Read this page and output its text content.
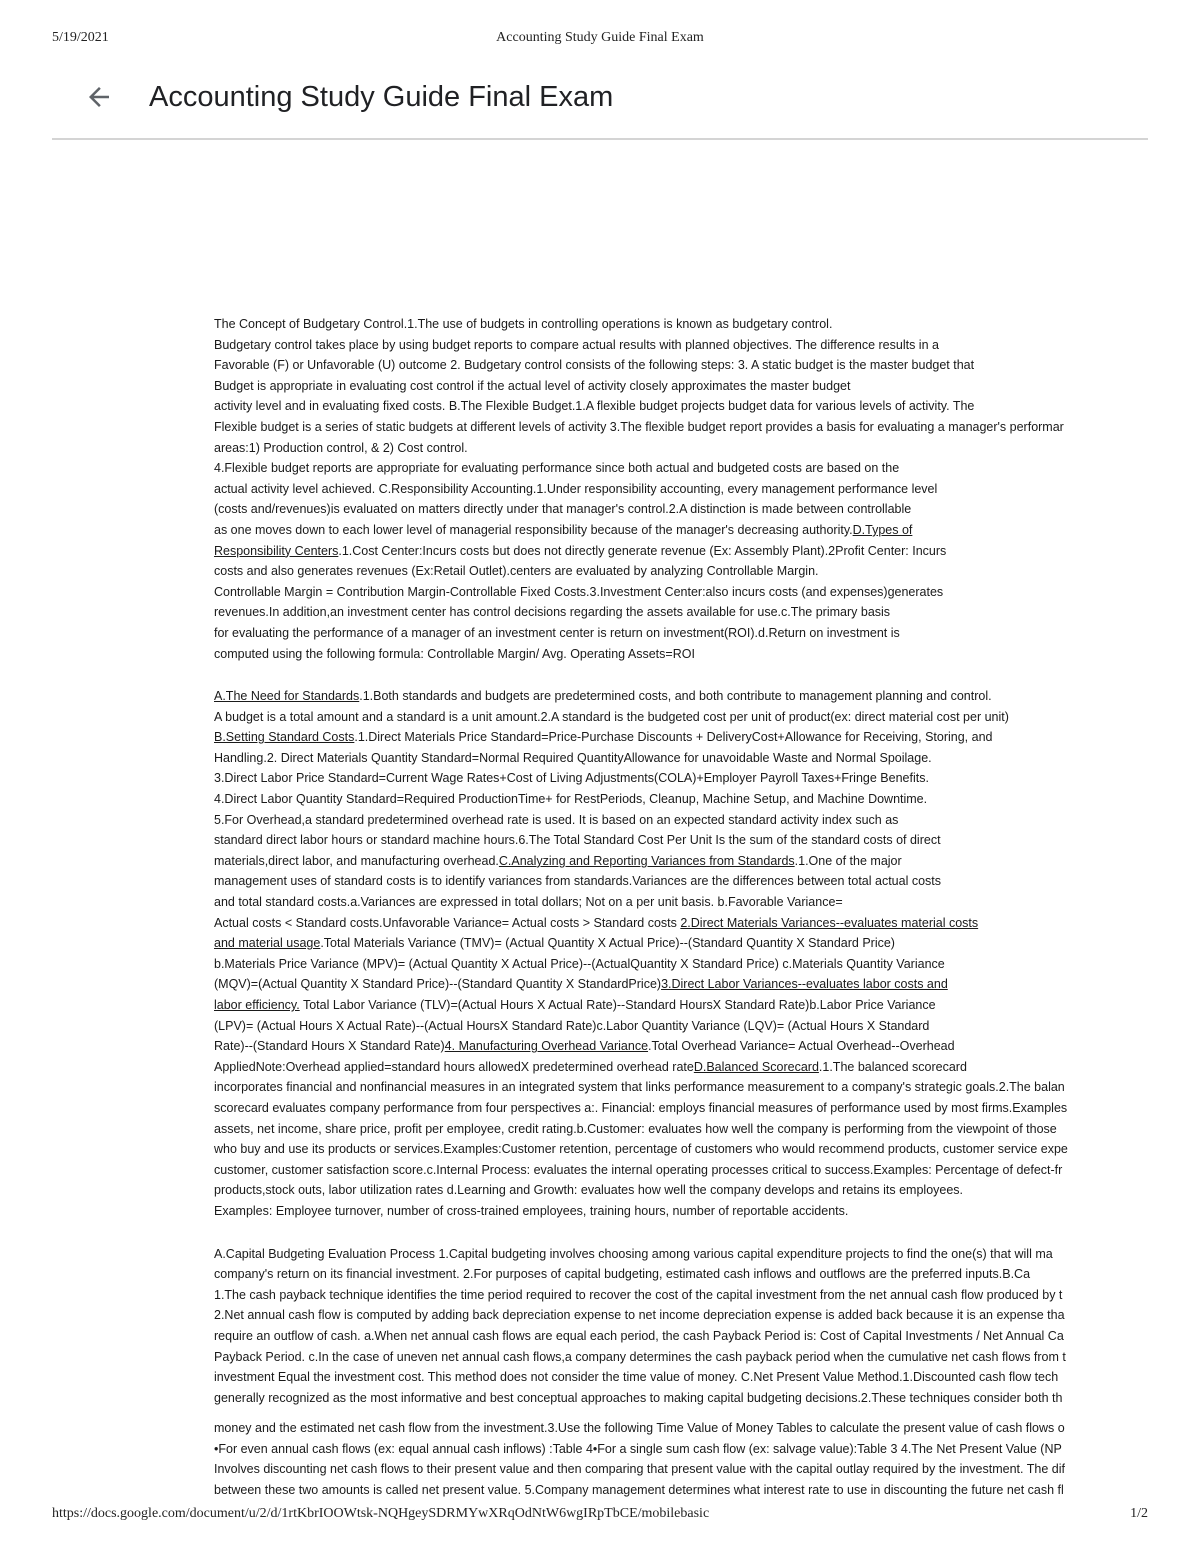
5/19/2021	Accounting Study Guide Final Exam
Accounting Study Guide Final Exam
The Concept of Budgetary Control.1.The use of budgets in controlling operations is known as budgetary control.
Budgetary control takes place by using budget reports to compare actual results with planned objectives. The difference results in a
Favorable (F) or Unfavorable (U) outcome 2. Budgetary control consists of the following steps: 3. A static budget is the master budget that
Budget is appropriate in evaluating cost control if the actual level of activity closely approximates the master budget
activity level and in evaluating fixed costs. B.The Flexible Budget.1.A flexible budget projects budget data for various levels of activity. The
Flexible budget is a series of static budgets at different levels of activity 3.The flexible budget report provides a basis for evaluating a manager's performar
areas:1) Production control, & 2) Cost control.
4.Flexible budget reports are appropriate for evaluating performance since both actual and budgeted costs are based on the
actual activity level achieved. C.Responsibility Accounting.1.Under responsibility accounting, every management performance level
(costs and/revenues)is evaluated on matters directly under that manager's control.2.A distinction is made between controllable
as one moves down to each lower level of managerial responsibility because of the manager's decreasing authority.D.Types of
Responsibility Centers.1.Cost Center:Incurs costs but does not directly generate revenue (Ex: Assembly Plant).2Profit Center: Incurs
costs and also generates revenues (Ex:Retail Outlet).centers are evaluated by analyzing Controllable Margin.
Controllable Margin = Contribution Margin-Controllable Fixed Costs.3.Investment Center:also incurs costs (and expenses)generates
revenues.In addition,an investment center has control decisions regarding the assets available for use.c.The primary basis
for evaluating the performance of a manager of an investment center is return on investment(ROI).d.Return on investment is
computed using the following formula: Controllable Margin/ Avg. Operating Assets=ROI
A.The Need for Standards.1.Both standards and budgets are predetermined costs, and both contribute to management planning and control.
A budget is a total amount and a standard is a unit amount.2.A standard is the budgeted cost per unit of product(ex: direct material cost per unit)
B.Setting Standard Costs.1.Direct Materials Price Standard=Price-Purchase Discounts + DeliveryCost+Allowance for Receiving, Storing, and
Handling.2. Direct Materials Quantity Standard=Normal Required QuantityAllowance for unavoidable Waste and Normal Spoilage.
3.Direct Labor Price Standard=Current Wage Rates+Cost of Living Adjustments(COLA)+Employer Payroll Taxes+Fringe Benefits.
4.Direct Labor Quantity Standard=Required ProductionTime+ for RestPeriods, Cleanup, Machine Setup, and Machine Downtime.
5.For Overhead,a standard predetermined overhead rate is used. It is based on an expected standard activity index such as
standard direct labor hours or standard machine hours.6.The Total Standard Cost Per Unit Is the sum of the standard costs of direct
materials,direct labor, and manufacturing overhead.C.Analyzing and Reporting Variances from Standards.1.One of the major
management uses of standard costs is to identify variances from standards.Variances are the differences between total actual costs
and total standard costs.a.Variances are expressed in total dollars; Not on a per unit basis. b.Favorable Variance=
Actual costs < Standard costs.Unfavorable Variance= Actual costs > Standard costs 2.Direct Materials Variances--evaluates material costs
and material usage.Total Materials Variance (TMV)= (Actual Quantity X Actual Price)--(Standard Quantity X Standard Price)
b.Materials Price Variance (MPV)= (Actual Quantity X Actual Price)--(ActualQuantity X Standard Price) c.Materials Quantity Variance
(MQV)=(Actual Quantity X Standard Price)--(Standard Quantity X StandardPrice)3.Direct Labor Variances--evaluates labor costs and
labor efficiency. Total Labor Variance (TLV)=(Actual Hours X Actual Rate)--Standard HoursX Standard Rate)b.Labor Price Variance
(LPV)= (Actual Hours X Actual Rate)--(Actual HoursX Standard Rate)c.Labor Quantity Variance (LQV)= (Actual Hours X Standard
Rate)--(Standard Hours X Standard Rate)4. Manufacturing Overhead Variance.Total Overhead Variance= Actual Overhead--Overhead
AppliedNote:Overhead applied=standard hours allowedX predetermined overhead rateD.Balanced Scorecard.1.The balanced scorecard
incorporates financial and nonfinancial measures in an integrated system that links performance measurement to a company's strategic goals.2.The balan
scorecard evaluates company performance from four perspectives a:. Financial: employs financial measures of performance used by most firms.Examples
assets, net income, share price, profit per employee, credit rating.b.Customer: evaluates how well the company is performing from the viewpoint of those
who buy and use its products or services.Examples:Customer retention, percentage of customers who would recommend products, customer service expe
customer, customer satisfaction score.c.Internal Process: evaluates the internal operating processes critical to success.Examples: Percentage of defect-fr
products,stock outs, labor utilization rates d.Learning and Growth: evaluates how well the company develops and retains its employees.
Examples: Employee turnover, number of cross-trained employees, training hours, number of reportable accidents.
A.Capital Budgeting Evaluation Process 1.Capital budgeting involves choosing among various capital expenditure projects to find the one(s) that will ma
company's return on its financial investment. 2.For purposes of capital budgeting, estimated cash inflows and outflows are the preferred inputs.B.Ca
1.The cash payback technique identifies the time period required to recover the cost of the capital investment from the net annual cash flow produced by t
2.Net annual cash flow is computed by adding back depreciation expense to net income depreciation expense is added back because it is an expense tha
require an outflow of cash. a.When net annual cash flows are equal each period, the cash Payback Period is: Cost of Capital Investments / Net Annual Ca
Payback Period. c.In the case of uneven net annual cash flows,a company determines the cash payback period when the cumulative net cash flows from t
investment Equal the investment cost. This method does not consider the time value of money. C.Net Present Value Method.1.Discounted cash flow tech
generally recognized as the most informative and best conceptual approaches to making capital budgeting decisions.2.These techniques consider both th
money and the estimated net cash flow from the investment.3.Use the following Time Value of Money Tables to calculate the present value of cash flows o
•For even annual cash flows (ex: equal annual cash inflows) :Table 4•For a single sum cash flow (ex: salvage value):Table 3 4.The Net Present Value (NP
Involves discounting net cash flows to their present value and then comparing that present value with the capital outlay required by the investment. The dif
between these two amounts is called net present value. 5.Company management determines what interest rate to use in discounting the future net cash fl
https://docs.google.com/document/u/2/d/1rtKbrIOOWtsk-NQHgeySDRMYwXRqOdNtW6wgIRpTbCE/mobilebasic	1/2
